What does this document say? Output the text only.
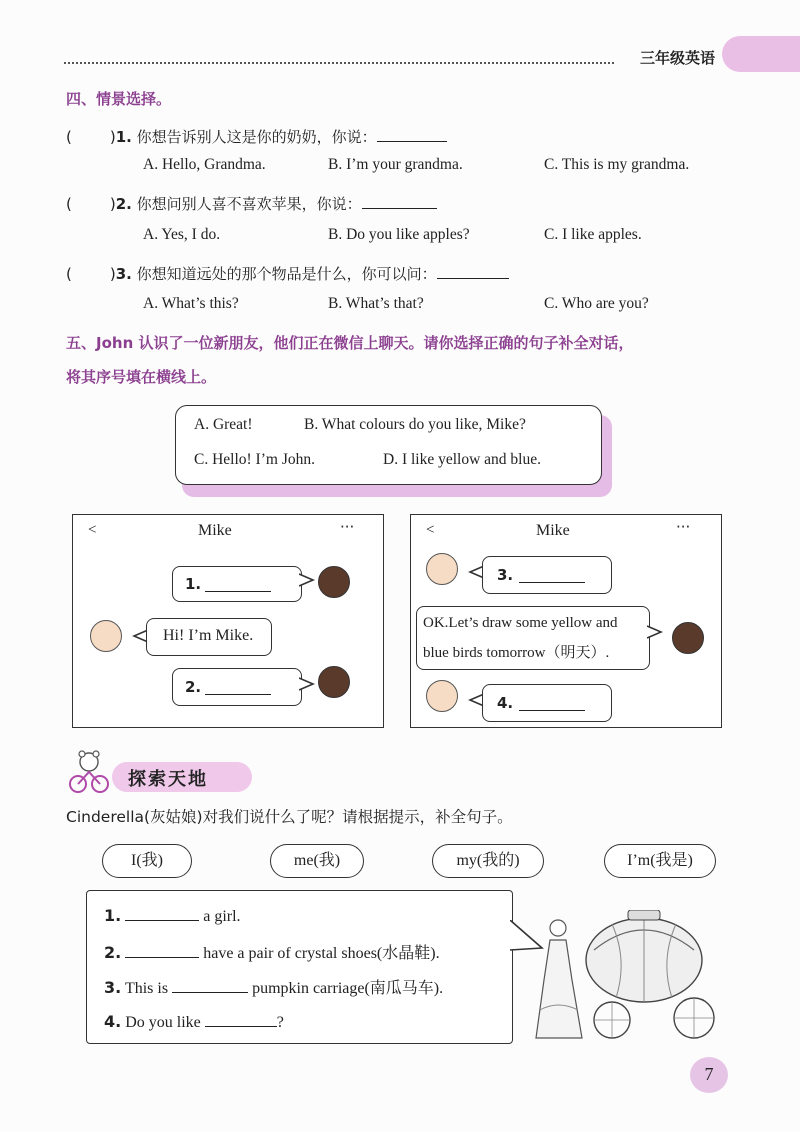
三年级英语
四、情景选择。
(	)1. 你想告诉别人这是你的奶奶，你说：
A. Hello, Grandma.	B. I’m your grandma.	C. This is my grandma.
(	)2. 你想问别人喜不喜欢苹果，你说：
A. Yes, I do.	B. Do you like apples?	C. I like apples.
(	)3. 你想知道远处的那个物品是什么，你可以问：
A. What’s this?	B. What’s that?	C. Who are you?
五、John 认识了一位新朋友，他们正在微信上聊天。请你选择正确的句子补全对话，
将其序号填在横线上。
A. Great!	B. What colours do you like, Mike?
C. Hello! I’m John.	D. I like yellow and blue.
<	Mike	···
1.
Hi! I’m Mike.
2.
<	Mike	···
3.
OK.Let’s draw some yellow and
blue birds tomorrow（明天）.
4.
探索天地
Cinderella(灰姑娘)对我们说什么了呢？请根据提示，补全句子。
I(我)	me(我)	my(我的)	I’m(我是)
1.	a girl.
2.	have a pair of crystal shoes(水晶鞋).
3. This is	pumpkin carriage(南瓜马车).
4. Do you like	?
7
